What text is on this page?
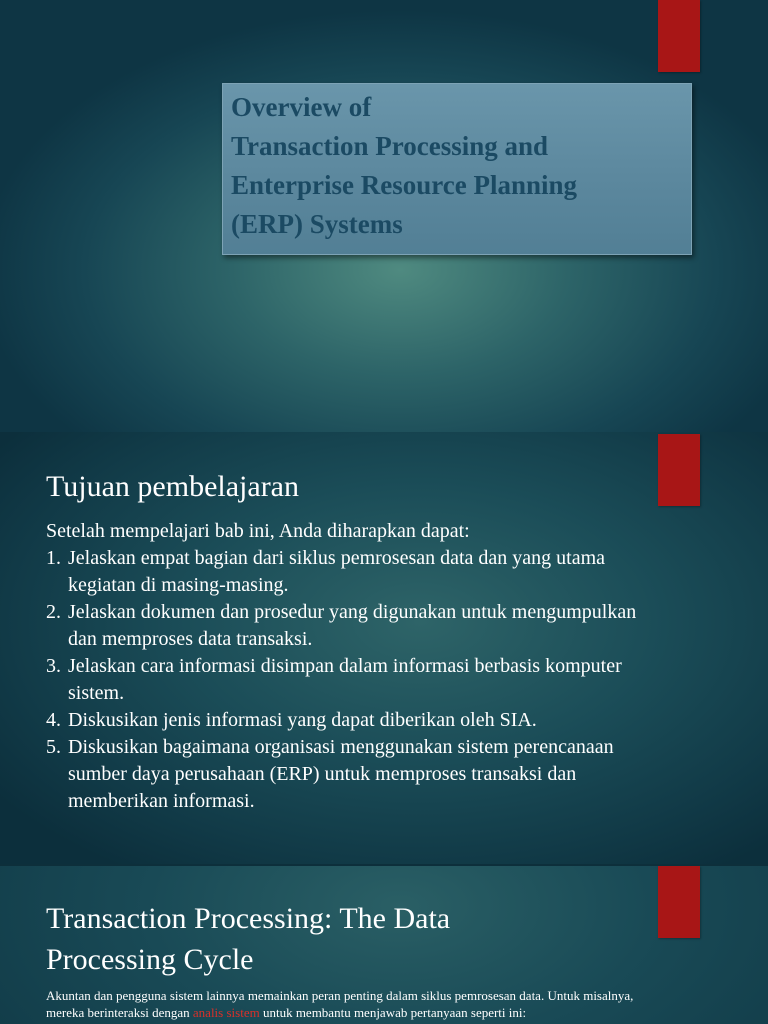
Overview of
Transaction Processing and
Enterprise Resource Planning
(ERP) Systems
Tujuan pembelajaran
Setelah mempelajari bab ini, Anda diharapkan dapat:
1. Jelaskan empat bagian dari siklus pemrosesan data dan yang utama
kegiatan di masing-masing.
2. Jelaskan dokumen dan prosedur yang digunakan untuk mengumpulkan
dan memproses data transaksi.
3. Jelaskan cara informasi disimpan dalam informasi berbasis komputer
sistem.
4. Diskusikan jenis informasi yang dapat diberikan oleh SIA.
5. Diskusikan bagaimana organisasi menggunakan sistem perencanaan
sumber daya perusahaan (ERP) untuk memproses transaksi dan
memberikan informasi.
Transaction Processing: The Data
Processing Cycle
Akuntan dan pengguna sistem lainnya memainkan peran penting dalam siklus pemrosesan data. Untuk misalnya,
mereka berinteraksi dengan analis sistem untuk membantu menjawab pertanyaan seperti ini:
